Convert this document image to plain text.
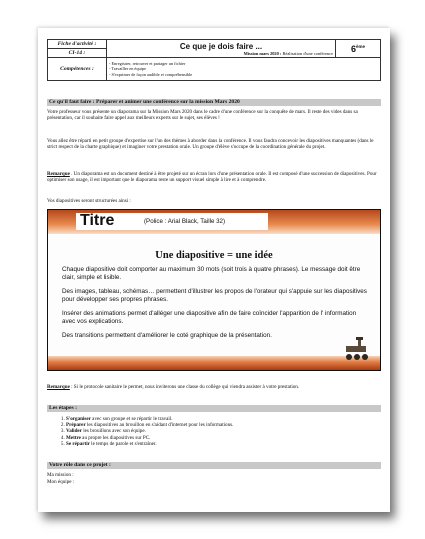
Fiche d'activité :	Ce que je dois faire ...
Mission mars 2020 : Réalisation d'une conférence	6ème
CI-14 :		
Compétences :	- Enregistrer, retrouver et partager un fichier
- Travailler en équipe
- S'exprimer de façon audible et compréhensible	
Ce qu'il faut faire : Préparer et animer une conférence sur la mission Mars 2020

Votre professeur vous présente un diaporama sur la Mission Mars 2020 dans le cadre d'une conférence sur la conquête de mars. Il reste des vides dans sa présentation, car il souhaite faire appel aux meilleurs experts sur le sujet, ses élèves !

Vous allez être réparti en petit groupe d'expertise sur l'un des thèmes à aborder dans la conférence. Il vous faudra concevoir les diapositives manquantes (dans le strict respect de la charte graphique) et imaginer votre prestation orale. Un groupe d'élève s'occupe de la coordination générale du projet.

Remarque . Un diaporama est un document destiné à être projeté sur un écran lors d'une présentation orale. Il est composé d'une succession de diapositives. Pour optimiser son usage, il est important que le diaporama reste un support visuel simple à lire et à comprendre.

Vos diapositives seront structurées ainsi :

Titre	(Police : Arial Black, Taille 32)
Une diapositive = une idée

Chaque diapositive doit comporter au maximum 30 mots (soit trois à quatre phrases). Le message doit être clair, simple et lisible.

Des images, tableau, schémas… permettent d'illustrer les propos de l'orateur qui s'appuie sur les diapositives pour développer ses propres phrases.

Insérer des animations permet d'alléger une diapositive afin de faire coïncider l'apparition de l' information avec vos explications.

Des transitions permettent d'améliorer le coté graphique de la présentation.

Remarque : Si le protocole sanitaire le permet, nous inviterons une classe du collège qui viendra assister à votre prestation.

Les étapes :
1. S'organiser avec son groupe et se répartir le travail.
2. Préparer les diapositives au brouillon en s'aidant d'internet pour les informations.
3. Valider les brouillons avec son équipe.
4. Mettre au propre les diapositives sur PC.
5. Se répartir le temps de parole et s'entraîner.
Votre rôle dans ce projet :

Ma mission :

Mon équipe :
